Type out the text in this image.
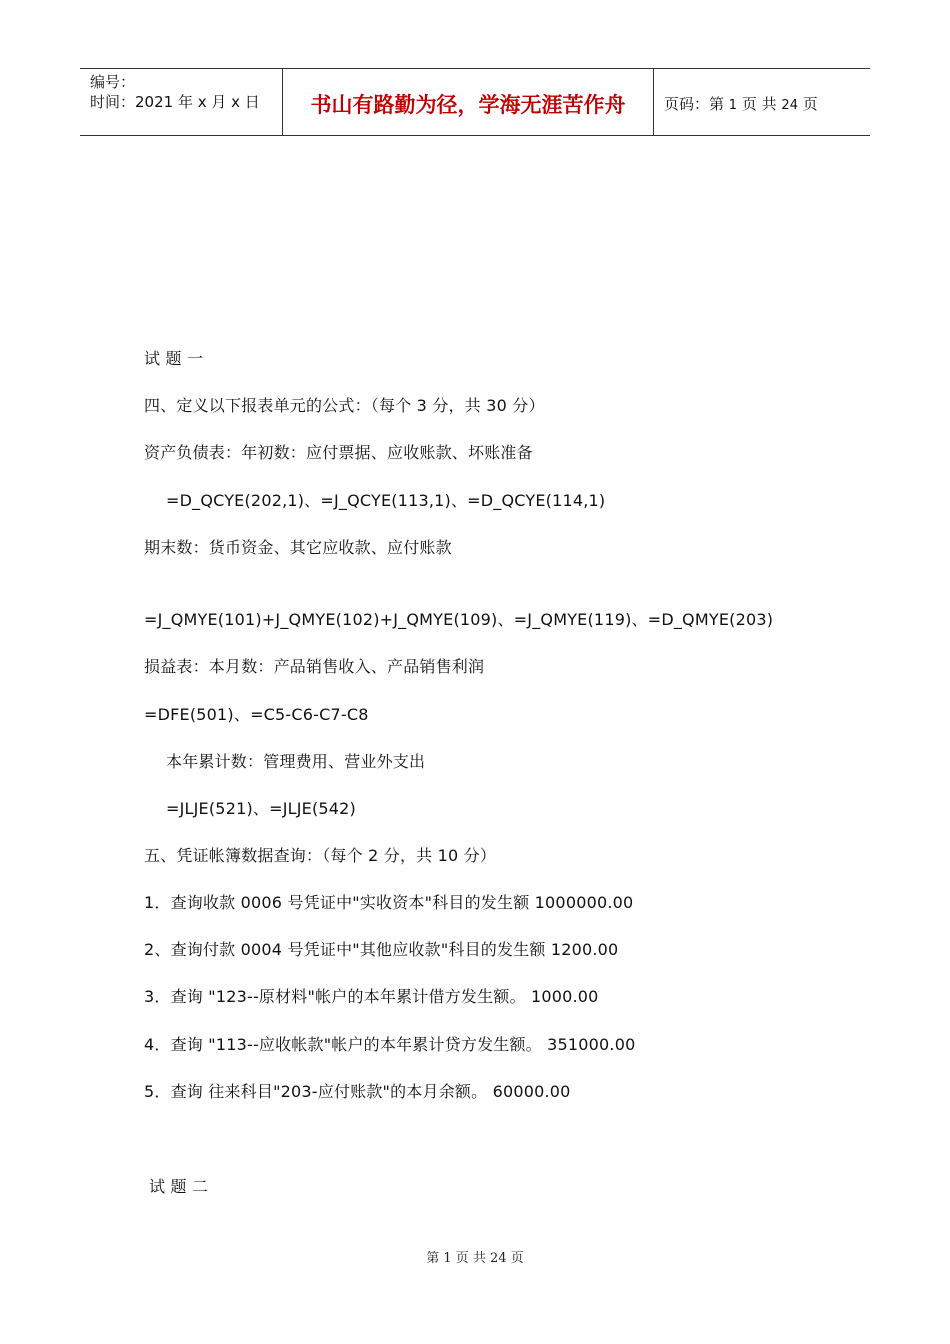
编号：
时间：2021 年 x 月 x 日	书山有路勤为径，学海无涯苦作舟	页码：第 1 页 共 24 页
试 题 一
四、定义以下报表单元的公式：（每个 3 分，共 30 分）
资产负债表：年初数：应付票据、应收账款、坏账准备
=D_QCYE(202,1)、=J_QCYE(113,1)、=D_QCYE(114,1)
期末数：货币资金、其它应收款、应付账款
=J_QMYE(101)+J_QMYE(102)+J_QMYE(109)、=J_QMYE(119)、=D_QMYE(203)
损益表：本月数：产品销售收入、产品销售利润
=DFE(501)、=C5-C6-C7-C8
本年累计数：管理费用、营业外支出
=JLJE(521)、=JLJE(542)
五、凭证帐簿数据查询：（每个 2 分，共 10 分）
1．查询收款 0006 号凭证中"实收资本"科目的发生额 1000000.00
2、查询付款 0004 号凭证中"其他应收款"科目的发生额 1200.00
3．查询 "123--原材料"帐户的本年累计借方发生额。 1000.00
4．查询 "113--应收帐款"帐户的本年累计贷方发生额。 351000.00
5．查询 往来科目"203-应付账款"的本月余额。 60000.00
试 题 二
第 1 页 共 24 页
